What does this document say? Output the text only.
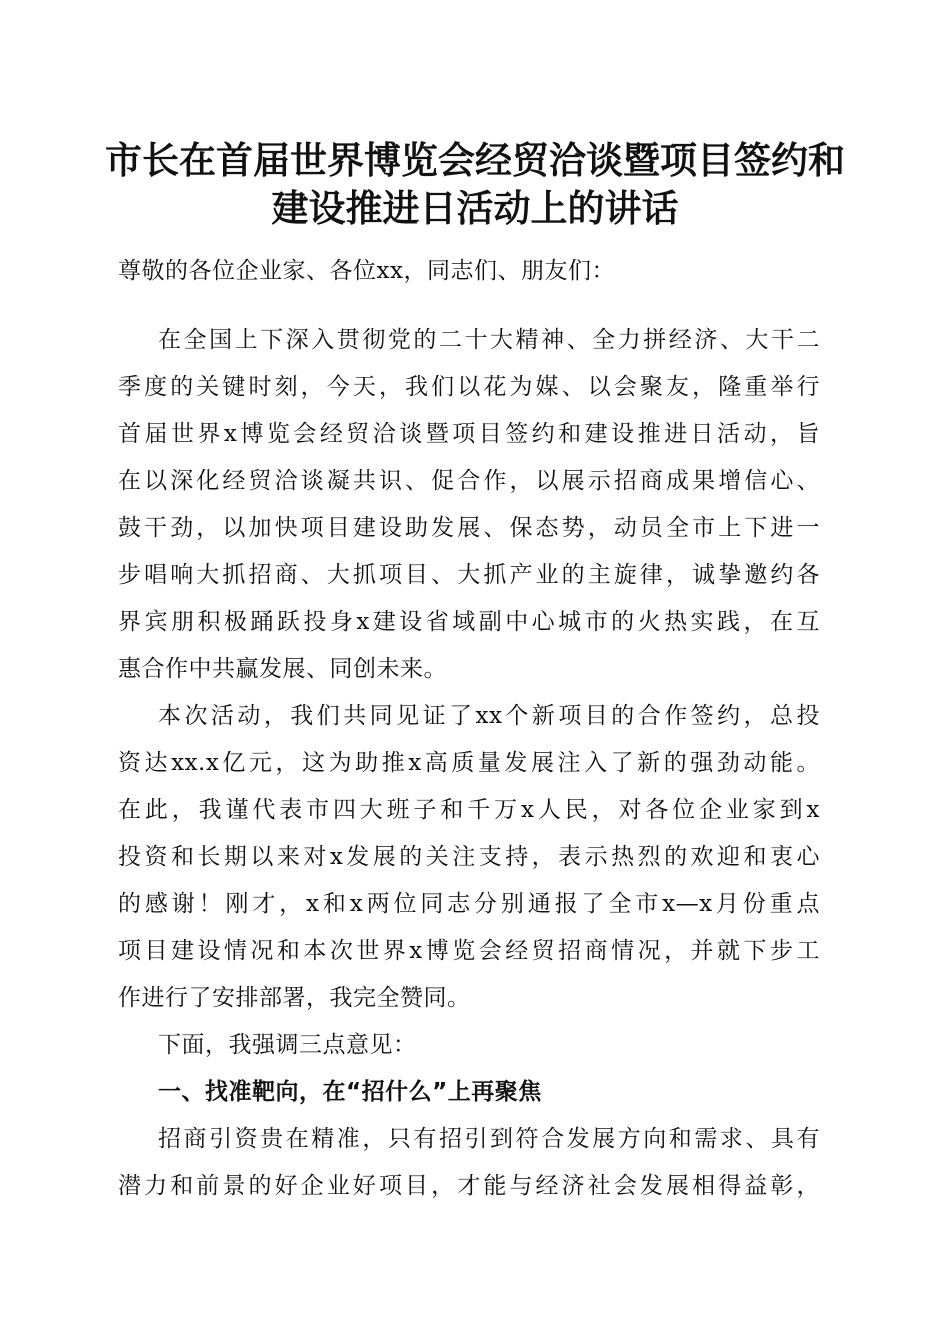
市长在首届世界博览会经贸洽谈暨项目签约和
建设推进日活动上的讲话
尊敬的各位企业家、各位xx，同志们、朋友们：
在全国上下深入贯彻党的二十大精神、全力拼经济、大干二
季度的关键时刻，今天，我们以花为媒、以会聚友，隆重举行
首届世界x博览会经贸洽谈暨项目签约和建设推进日活动，旨
在以深化经贸洽谈凝共识、促合作，以展示招商成果增信心、
鼓干劲，以加快项目建设助发展、保态势，动员全市上下进一
步唱响大抓招商、大抓项目、大抓产业的主旋律，诚挚邀约各
界宾朋积极踊跃投身x建设省域副中心城市的火热实践，在互
惠合作中共赢发展、同创未来。
本次活动，我们共同见证了xx个新项目的合作签约，总投
资达xx.x亿元，这为助推x高质量发展注入了新的强劲动能。
在此，我谨代表市四大班子和千万x人民，对各位企业家到x
投资和长期以来对x发展的关注支持，表示热烈的欢迎和衷心
的感谢！刚才，x和x两位同志分别通报了全市x—x月份重点
项目建设情况和本次世界x博览会经贸招商情况，并就下步工
作进行了安排部署，我完全赞同。
下面，我强调三点意见：
一、找准靶向，在“招什么”上再聚焦
招商引资贵在精准，只有招引到符合发展方向和需求、具有
潜力和前景的好企业好项目，才能与经济社会发展相得益彰，
